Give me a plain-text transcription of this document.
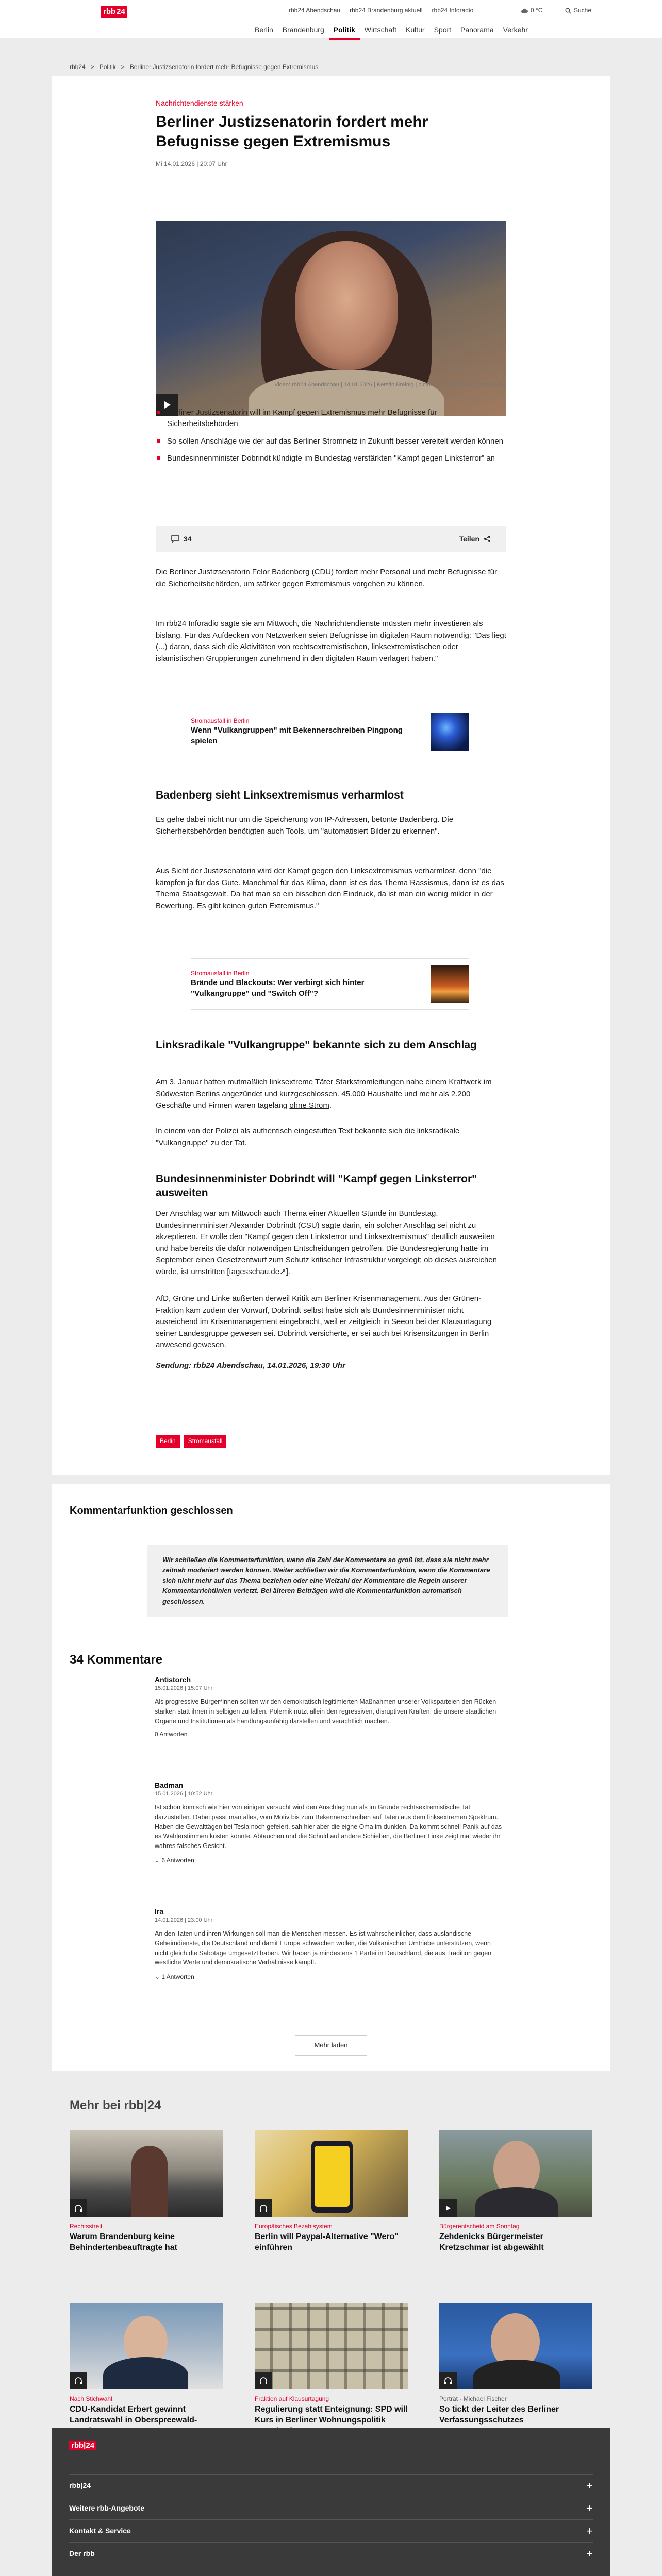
rbb 24	rbb24 Abendschau rbb24 Brandenburg aktuell rbb24 Inforadio	0 °C	Suche
Berlin	Brandenburg	Politik	Wirtschaft	Kultur	Sport	Panorama	Verkehr
rbb24 > Politik > Berliner Justizsenatorin fordert mehr Befugnisse gegen Extremismus
Nachrichtendienste stärken
Berliner Justizsenatorin fordert mehr Befugnisse gegen Extremismus
Mi 14.01.2026 | 20:07 Uhr
Video: rbb24 Abendschau | 14.01.2026 | Kerstin Breinig | picture alliance/dpa/Soeren Stache
Berliner Justizsenatorin will im Kampf gegen Extremismus mehr Befugnisse für Sicherheitsbehörden
So sollen Anschläge wie der auf das Berliner Stromnetz in Zukunft besser vereitelt werden können
Bundesinnenminister Dobrindt kündigte im Bundestag verstärkten "Kampf gegen Linksterror" an
34	Teilen

Die Berliner Justizsenatorin Felor Badenberg (CDU) fordert mehr Personal und mehr Befugnisse für die Sicherheitsbehörden, um stärker gegen Extremismus vorgehen zu können.

Im rbb24 Inforadio sagte sie am Mittwoch, die Nachrichtendienste müssten mehr investieren als bislang. Für das Aufdecken von Netzwerken seien Befugnisse im digitalen Raum notwendig: "Das liegt (...) daran, dass sich die Aktivitäten von rechtsextremistischen, linksextremistischen oder islamistischen Gruppierungen zunehmend in den digitalen Raum verlagert haben."

Stromausfall in Berlin
Wenn "Vulkangruppen" mit Bekennerschreiben Pingpong spielen
Badenberg sieht Linksextremismus verharmlost

Es gehe dabei nicht nur um die Speicherung von IP-Adressen, betonte Badenberg. Die Sicherheitsbehörden benötigten auch Tools, um "automatisiert Bilder zu erkennen".

Aus Sicht der Justizsenatorin wird der Kampf gegen den Linksextremismus verharmlost, denn "die kämpfen ja für das Gute. Manchmal für das Klima, dann ist es das Thema Rassismus, dann ist es das Thema Staatsgewalt. Da hat man so ein bisschen den Eindruck, da ist man ein wenig milder in der Bewertung. Es gibt keinen guten Extremismus."

Stromausfall in Berlin
Brände und Blackouts: Wer verbirgt sich hinter "Vulkangruppe" und "Switch Off"?
Linksradikale "Vulkangruppe" bekannte sich zu dem Anschlag

Am 3. Januar hatten mutmaßlich linksextreme Täter Starkstromleitungen nahe einem Kraftwerk im Südwesten Berlins angezündet und kurzgeschlossen. 45.000 Haushalte und mehr als 2.200 Geschäfte und Firmen waren tagelang ohne Strom.

In einem von der Polizei als authentisch eingestuften Text bekannte sich die linksradikale "Vulkangruppe" zu der Tat.

Bundesinnenminister Dobrindt will "Kampf gegen Linksterror" ausweiten

Der Anschlag war am Mittwoch auch Thema einer Aktuellen Stunde im Bundestag. Bundesinnenminister Alexander Dobrindt (CSU) sagte darin, ein solcher Anschlag sei nicht zu akzeptieren. Er wolle den "Kampf gegen den Linksterror und Linksextremismus" deutlich ausweiten und habe bereits die dafür notwendigen Entscheidungen getroffen. Die Bundesregierung hatte im September einen Gesetzentwurf zum Schutz kritischer Infrastruktur vorgelegt; ob dieses ausreichen würde, ist umstritten [tagesschau.de↗].

AfD, Grüne und Linke äußerten derweil Kritik am Berliner Krisenmanagement. Aus der Grünen-Fraktion kam zudem der Vorwurf, Dobrindt selbst habe sich als Bundesinnenminister nicht ausreichend im Krisenmanagement eingebracht, weil er zeitgleich in Seeon bei der Klausurtagung seiner Landesgruppe gewesen sei. Dobrindt versicherte, er sei auch bei Krisensitzungen in Berlin anwesend gewesen.

Sendung: rbb24 Abendschau, 14.01.2026, 19:30 Uhr

Berlin	Stromausfall
Kommentarfunktion geschlossen
Wir schließen die Kommentarfunktion, wenn die Zahl der Kommentare so groß ist, dass sie nicht mehr zeitnah moderiert werden können. Weiter schließen wir die Kommentarfunktion, wenn die Kommentare sich nicht mehr auf das Thema beziehen oder eine Vielzahl der Kommentare die Regeln unserer Kommentarrichtlinien verletzt. Bei älteren Beiträgen wird die Kommentarfunktion automatisch geschlossen.
34 Kommentare
Antistorch
15.01.2026 | 15:07 Uhr
Als progressive Bürger*innen sollten wir den demokratisch legitimierten Maßnahmen unserer Volksparteien den Rücken stärken statt ihnen in selbigen zu fallen. Polemik nützt allein den regressiven, disruptiven Kräften, die unsere staatlichen Organe und Institutionen als handlungsunfähig darstellen und verächtlich machen.
0 Antworten
Badman
15.01.2026 | 10:52 Uhr
Ist schon komisch wie hier von einigen versucht wird den Anschlag nun als im Grunde rechtsextremistische Tat darzustellen. Dabei passt man alles, vom Motiv bis zum Bekennerschreiben auf Taten aus dem linksextremen Spektrum. Haben die Gewalttägen bei Tesla noch gefeiert, sah hier aber die eigne Oma im dunklen. Da kommt schnell Panik auf das es Wählerstimmen kosten könnte. Abtauchen und die Schuld auf andere Schieben, die Berliner Linke zeigt mal wieder ihr wahres falsches Gesicht.
⌄ 6 Antworten
Ira
14.01.2026 | 23:00 Uhr
An den Taten und ihren Wirkungen soll man die Menschen messen. Es ist wahrscheinlicher, dass ausländische Geheimdienste, die Deutschland und damit Europa schwächen wollen, die Vulkanischen Umtriebe unterstützen, wenn nicht gleich die Sabotage umgesetzt haben. Wir haben ja mindestens 1 Partei in Deutschland, die aus Tradition gegen westliche Werte und demokratische Verhältnisse kämpft.
⌄ 1 Antworten
Mehr laden
Mehr bei rbb|24
Rechtsstreit
Warum Brandenburg keine Behindertenbeauftragte hat
Europäisches Bezahlsystem
Berlin will Paypal-Alternative "Wero" einführen
Bürgerentscheid am Sonntag
Zehdenicks Bürgermeister Kretzschmar ist abgewählt
Nach Stichwahl
CDU-Kandidat Erbert gewinnt Landratswahl in Oberspreewald-
Fraktion auf Klausurtagung
Regulierung statt Enteignung: SPD will Kurs in Berliner Wohnungspolitik
Porträt · Michael Fischer
So tickt der Leiter des Berliner Verfassungsschutzes
rbb|24
rbb|24	+
Weitere rbb-Angebote	+
Kontakt & Service	+
Der rbb	+
